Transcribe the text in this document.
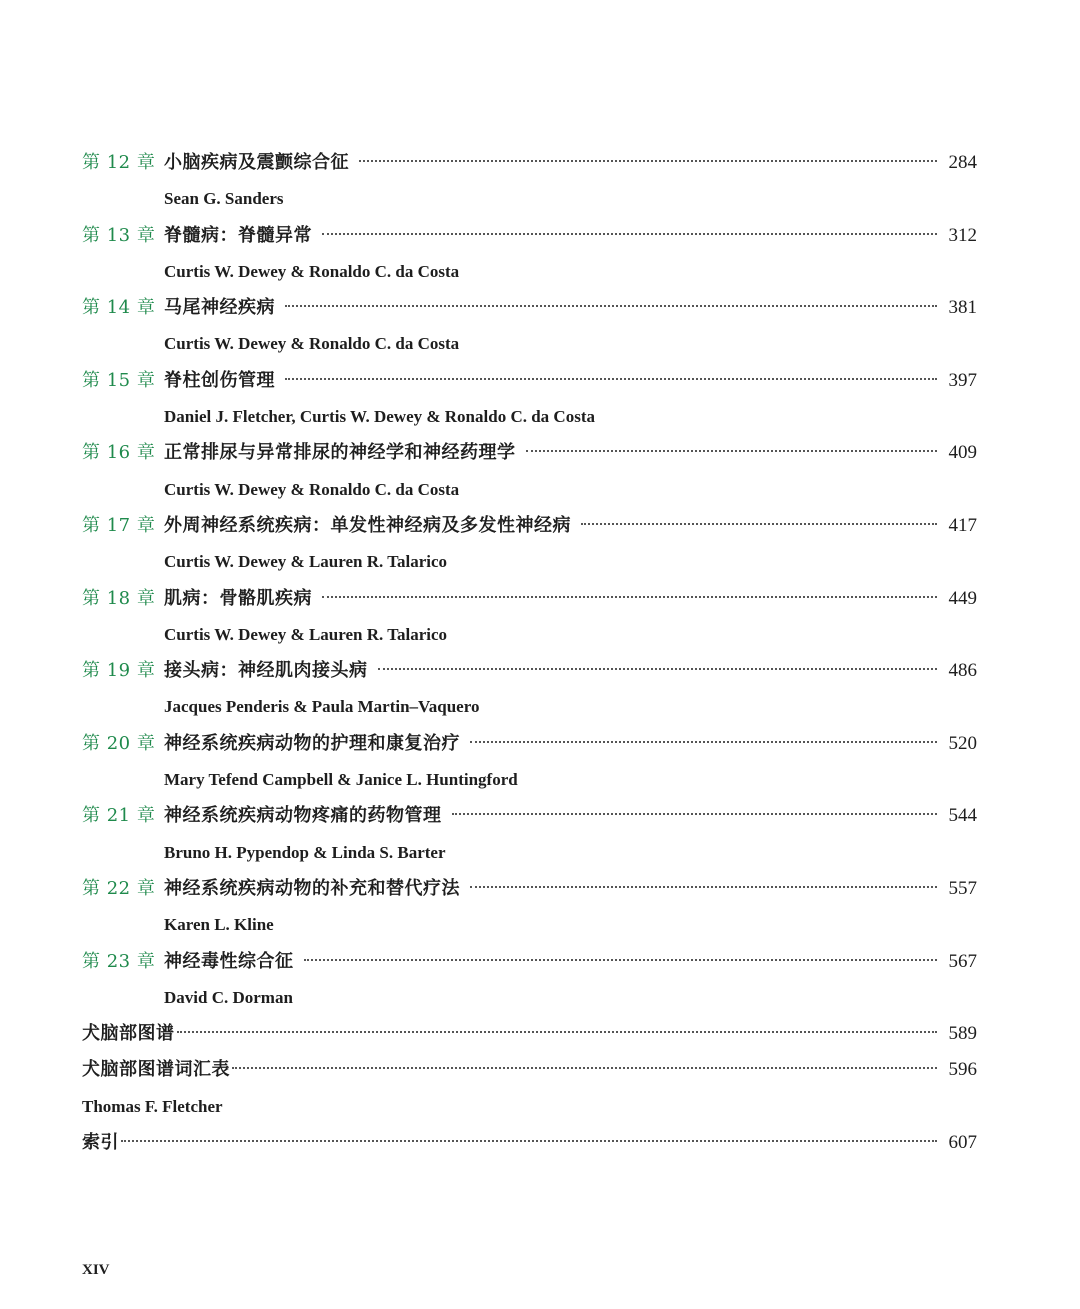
第 12 章 小脑疾病及震颤综合征	284
Sean G. Sanders
第 13 章 脊髓病：脊髓异常	312
Curtis W. Dewey & Ronaldo C. da Costa
第 14 章 马尾神经疾病	381
Curtis W. Dewey & Ronaldo C. da Costa
第 15 章 脊柱创伤管理	397
Daniel J. Fletcher, Curtis W. Dewey & Ronaldo C. da Costa
第 16 章 正常排尿与异常排尿的神经学和神经药理学	409
Curtis W. Dewey & Ronaldo C. da Costa
第 17 章 外周神经系统疾病：单发性神经病及多发性神经病	417
Curtis W. Dewey & Lauren R. Talarico
第 18 章 肌病：骨骼肌疾病	449
Curtis W. Dewey & Lauren R. Talarico
第 19 章 接头病：神经肌肉接头病	486
Jacques Penderis & Paula Martin–Vaquero
第 20 章 神经系统疾病动物的护理和康复治疗	520
Mary Tefend Campbell & Janice L. Huntingford
第 21 章 神经系统疾病动物疼痛的药物管理	544
Bruno H. Pypendop & Linda S. Barter
第 22 章 神经系统疾病动物的补充和替代疗法	557
Karen L. Kline
第 23 章 神经毒性综合征	567
David C. Dorman
犬脑部图谱	589
犬脑部图谱词汇表	596
Thomas F. Fletcher
索引	607
XIV
